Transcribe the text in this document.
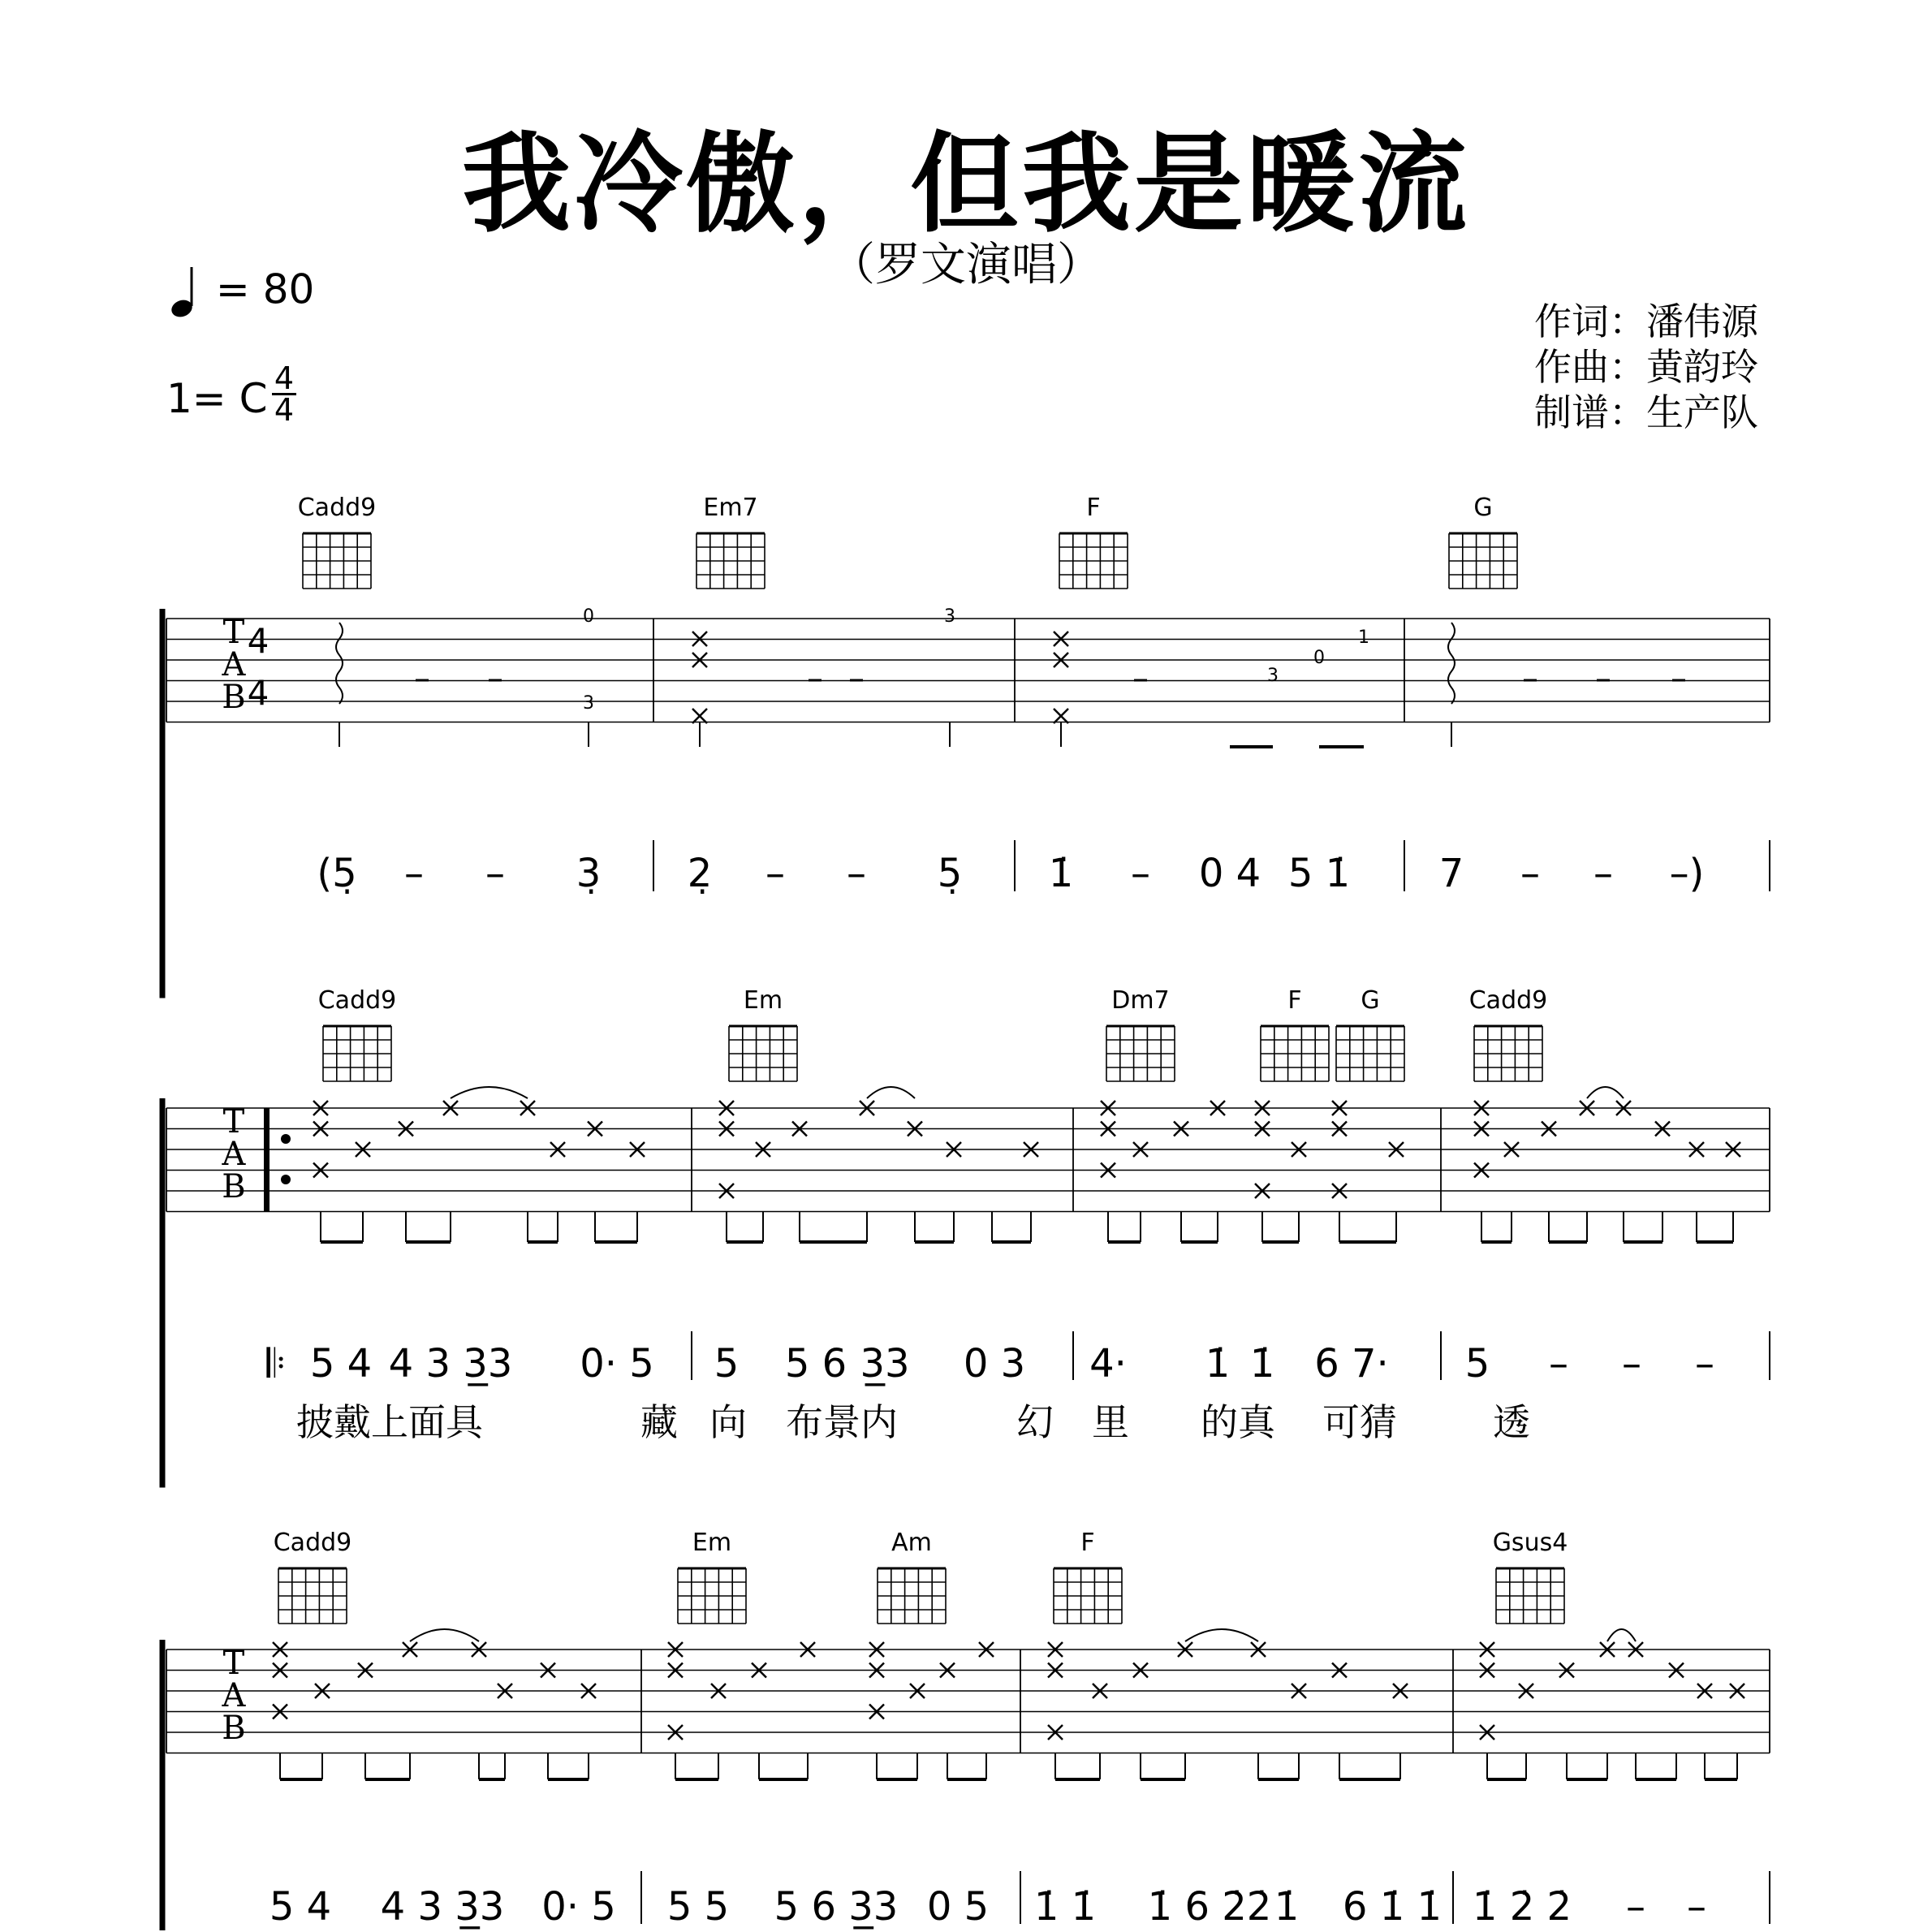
我冷傲，但我是暖流
（罗文演唱）
= 80
1= C 4
4
作词：潘伟源
作曲：黄韵玲
制谱：生产队
T
A
B
T
A
B
T
A
B
4
4
Cadd9	Em7	F	G
0
3
3
3
0
1
(5̣ – – 3̣ 2̣ – – 5̣ 1̇ – 0 4 5 1̇ 7 – – –)
Cadd9	Em	Dm7	F G	Cadd9
𝄆 5 4 4 3 3̲3 0· 5 5 5 6 3̲3 0 3 4· 1̇ 1̇ 6 7· 5 – – –
披戴上面具	藏 向 布景内	幻 里 的真 可猜	透
Cadd9	Em	Am	F	Gsus4
5 4 4 3 3̲3 0· 5 5 5 5 6 3̲3 0 5 1̇ 1̇ 1̇ 6 2̇2̇ 1̇ 6 1̇ 1̇ 1̇ 2̇ 2̇ – –
